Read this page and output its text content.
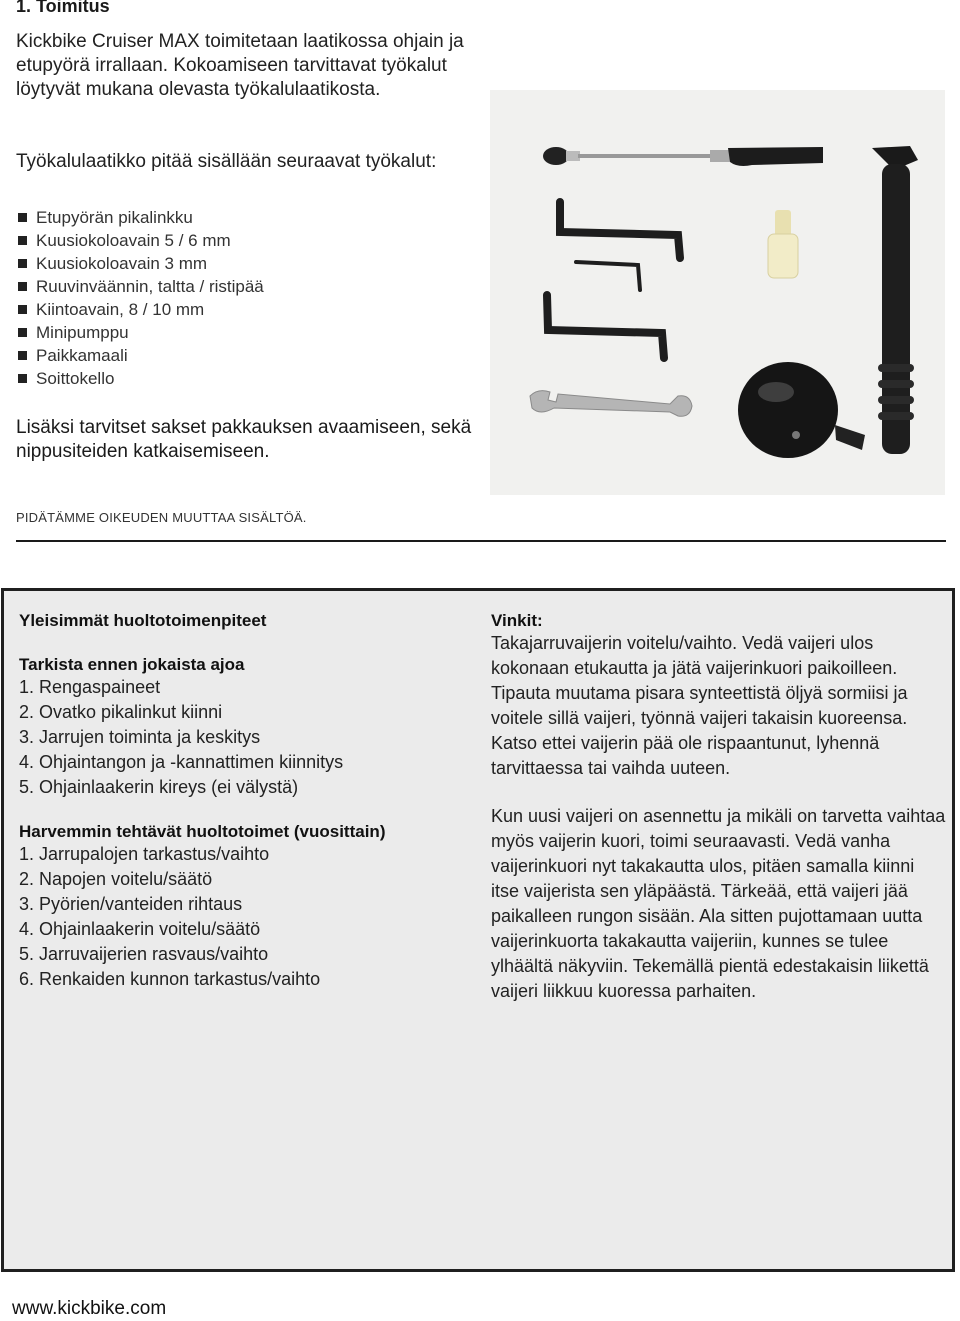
1. Toimitus
Kickbike Cruiser MAX toimitetaan laatikossa ohjain ja etupyörä irrallaan. Kokoamiseen tarvittavat työkalut löytyvät mukana olevasta työkalulaatikosta.
Työkalulaatikko pitää sisällään seuraavat työkalut:
Etupyörän pikalinkku
Kuusiokoloavain 5 / 6 mm
Kuusiokoloavain 3 mm
Ruuvinväännin, taltta / ristipää
Kiintoavain, 8 / 10 mm
Minipumppu
Paikkamaali
Soittokello
Lisäksi tarvitset sakset pakkauksen avaamiseen, sekä nippusiteiden katkaisemiseen.
PIDÄTÄMME OIKEUDEN MUUTTAA SISÄLTÖÄ.
Yleisimmät huoltotoimenpiteet
Tarkista ennen jokaista ajoa
1. Rengaspaineet
2. Ovatko pikalinkut kiinni
3. Jarrujen toiminta ja keskitys
4. Ohjaintangon ja -kannattimen kiinnitys
5. Ohjainlaakerin kireys (ei välystä)
Harvemmin tehtävät huoltotoimet (vuosittain)
1. Jarrupalojen tarkastus/vaihto
2. Napojen voitelu/säätö
3. Pyörien/vanteiden rihtaus
4. Ohjainlaakerin voitelu/säätö
5. Jarruvaijerien rasvaus/vaihto
6. Renkaiden kunnon tarkastus/vaihto
Vinkit:
Takajarruvaijerin voitelu/vaihto. Vedä vaijeri ulos kokonaan etukautta ja jätä vaijerinkuori paikoilleen. Tipauta muutama pisara synteettistä öljyä sormiisi ja voitele sillä vaijeri, työnnä vaijeri takaisin kuoreensa. Katso ettei vaijerin pää ole rispaantunut, lyhennä tarvittaessa tai vaihda uuteen.
Kun uusi vaijeri on asennettu ja mikäli on tarvetta vaihtaa myös vaijerin kuori, toimi seuraavasti. Vedä vanha vaijerinkuori nyt takakautta ulos, pitäen samalla kiinni itse vaijerista sen yläpäästä. Tärkeää, että vaijeri jää paikalleen rungon sisään. Ala sitten pujottamaan uutta vaijerinkuorta takakautta vaijeriin, kunnes se tulee ylhäältä näkyviin. Tekemällä pientä edestakaisin liikettä vaijeri liikkuu kuoressa parhaiten.
www.kickbike.com
